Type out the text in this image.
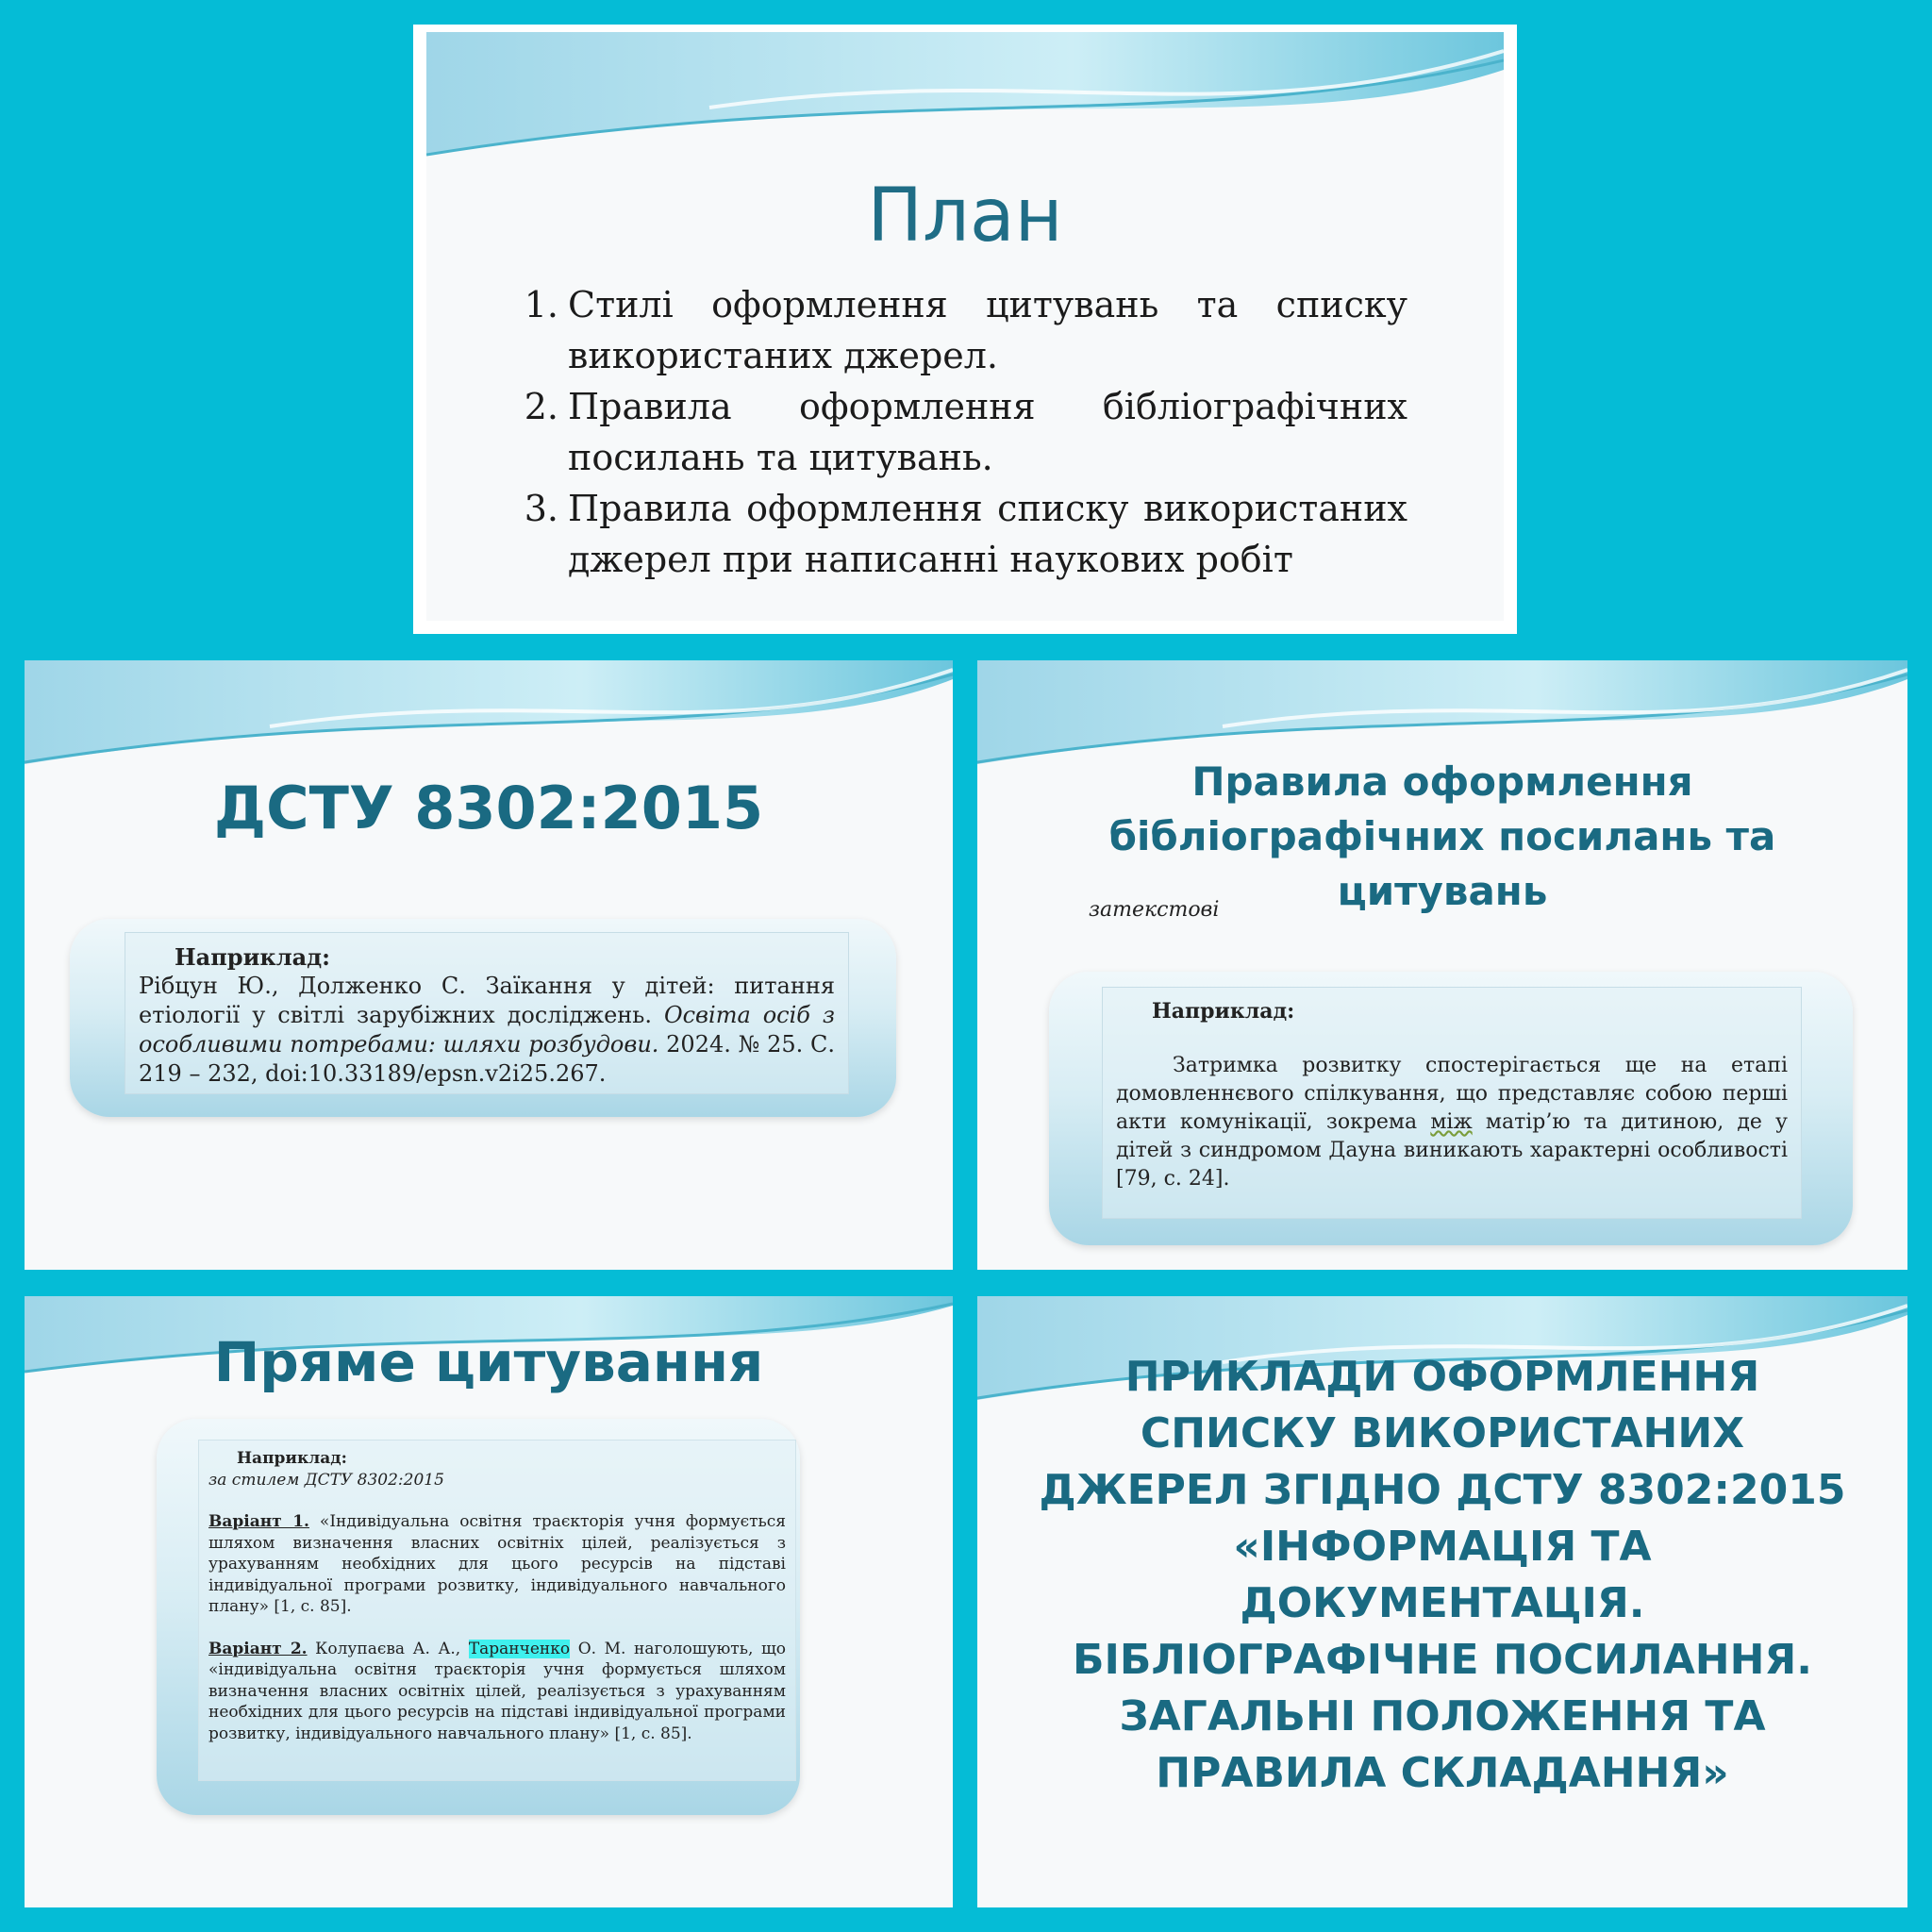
План
1. Стилі оформлення цитувань та списку використаних джерел.
2. Правила оформлення бібліографічних посилань та цитувань.
3. Правила оформлення списку використаних джерел при написанні наукових робіт
ДСТУ 8302:2015
Наприклад:
Рібцун Ю., Долженко С. Заїкання у дітей: питання етіології у світлі зарубіжних досліджень. Освіта осіб з особливими потребами: шляхи розбудови. 2024. № 25. С. 219 – 232, doi:10.33189/epsn.v2i25.267.
Правила оформлення бібліографічних посилань та цитувань
затекстові
Наприклад:
Затримка розвитку спостерігається ще на етапі домовленнєвого спілкування, що представляє собою перші акти комунікації, зокрема між матір’ю та дитиною, де у дітей з синдромом Дауна виникають характерні особливості [79, с. 24].
Пряме цитування
Наприклад:
за стилем ДСТУ 8302:2015

Варіант 1. «Індивідуальна освітня траєкторія учня формується шляхом визначення власних освітніх цілей, реалізується з урахуванням необхідних для цього ресурсів на підставі індивідуальної програми розвитку, індивідуального навчального плану» [1, с. 85].

Варіант 2. Колупаєва А. А., Таранченко О. М. наголошують, що «індивідуальна освітня траєкторія учня формується шляхом визначення власних освітніх цілей, реалізується з урахуванням необхідних для цього ресурсів на підставі індивідуальної програми розвитку, індивідуального навчального плану» [1, с. 85].

ПРИКЛАДИ ОФОРМЛЕННЯ СПИСКУ ВИКОРИСТАНИХ ДЖЕРЕЛ ЗГІДНО ДСТУ 8302:2015 «ІНФОРМАЦІЯ ТА ДОКУМЕНТАЦІЯ. БІБЛІОГРАФІЧНЕ ПОСИЛАННЯ. ЗАГАЛЬНІ ПОЛОЖЕННЯ ТА ПРАВИЛА СКЛАДАННЯ»
